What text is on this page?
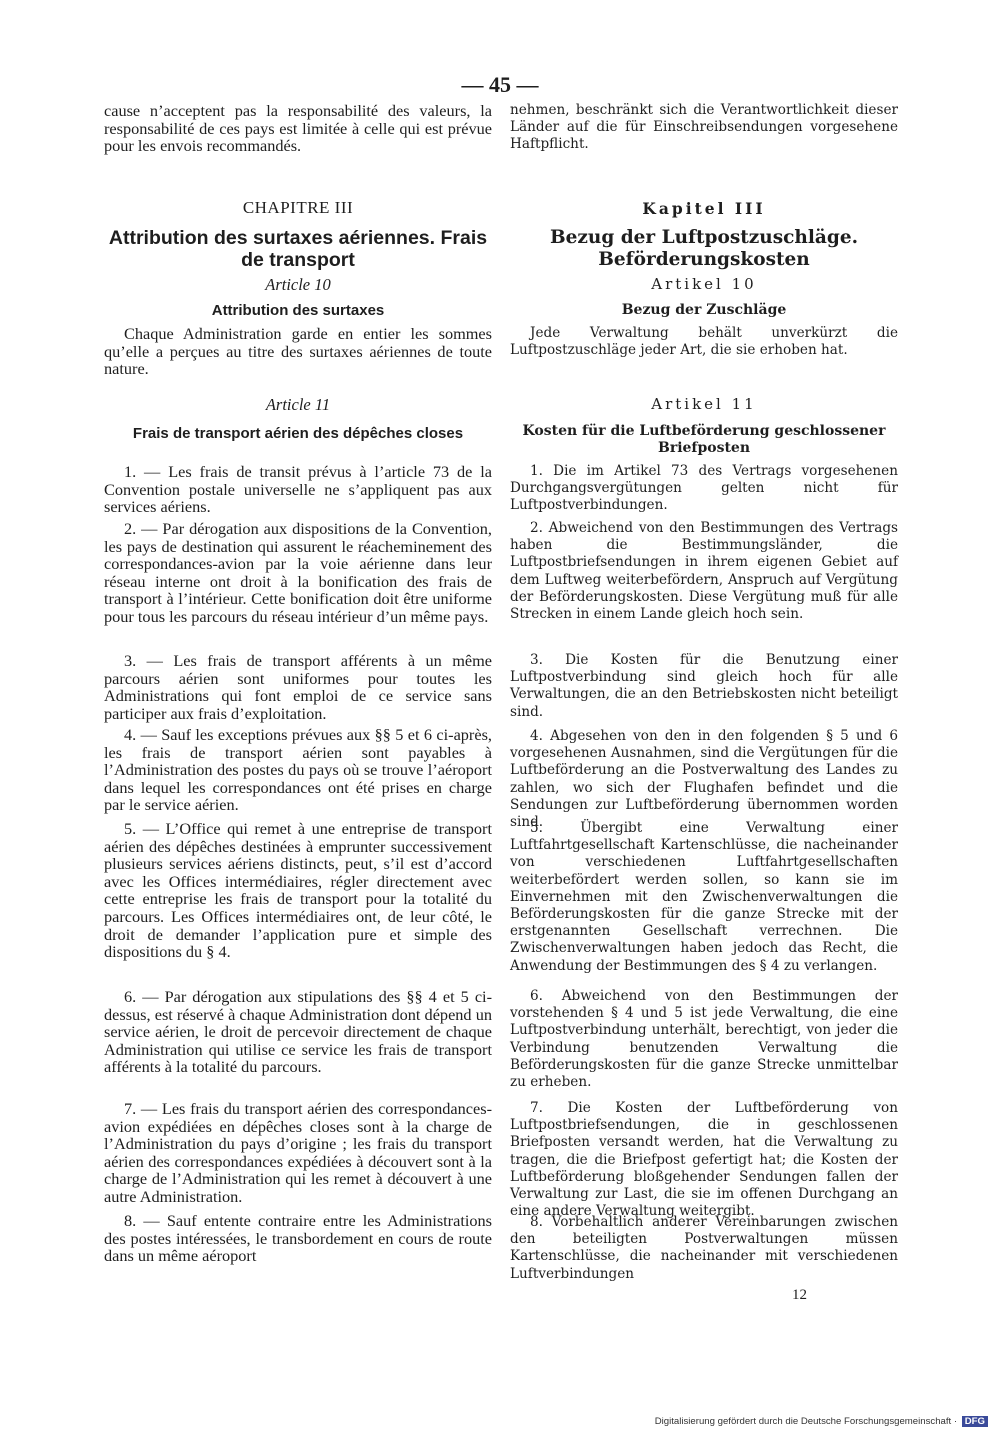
— 45 —

cause n’acceptent pas la responsabilité des valeurs, la responsabilité de ces pays est limitée à celle qui est prévue pour les envois recommandés.

CHAPITRE III

Attribution des surtaxes aériennes. Frais de transport

Article 10

Attribution des surtaxes

Chaque Administration garde en entier les sommes qu’elle a perçues au titre des surtaxes aériennes de toute nature.

Article 11

Frais de transport aérien des dépêches closes

1. — Les frais de transit prévus à l’article 73 de la Convention postale universelle ne s’appliquent pas aux services aériens.

2. — Par dérogation aux dispositions de la Convention, les pays de destination qui assurent le réacheminement des correspondances-avion par la voie aérienne dans leur réseau interne ont droit à la bonification des frais de transport à l’intérieur. Cette bonification doit être uniforme pour tous les parcours du réseau intérieur d’un même pays.

3. — Les frais de transport afférents à un même parcours aérien sont uniformes pour toutes les Administrations qui font emploi de ce service sans participer aux frais d’exploitation.

4. — Sauf les exceptions prévues aux §§ 5 et 6 ci-après, les frais de transport aérien sont payables à l’Administration des postes du pays où se trouve l’aéroport dans lequel les correspondances ont été prises en charge par le service aérien.

5. — L’Office qui remet à une entreprise de transport aérien des dépêches destinées à emprunter successivement plusieurs services aériens distincts, peut, s’il est d’accord avec les Offices intermédiaires, régler directement avec cette entreprise les frais de transport pour la totalité du parcours. Les Offices intermédiaires ont, de leur côté, le droit de demander l’application pure et simple des dispositions du § 4.

6. — Par dérogation aux stipulations des §§ 4 et 5 ci-dessus, est réservé à chaque Administration dont dépend un service aérien, le droit de percevoir directement de chaque Administration qui utilise ce service les frais de transport afférents à la totalité du parcours.

7. — Les frais du transport aérien des correspondances-avion expédiées en dépêches closes sont à la charge de l’Administration du pays d’origine ; les frais du transport aérien des correspondances expédiées à découvert sont à la charge de l’Administration qui les remet à découvert à une autre Administration.

8. — Sauf entente contraire entre les Administrations des postes intéressées, le transbordement en cours de route dans un même aéroport

nehmen, beschränkt sich die Verantwortlichkeit dieser Länder auf die für Einschreibsendungen vorgesehene Haftpflicht.

Kapitel III

Bezug der Luftpostzuschläge. Beförderungskosten

Artikel 10

Bezug der Zuschläge

Jede Verwaltung behält unverkürzt die Luftpostzuschläge jeder Art, die sie erhoben hat.

Artikel 11

Kosten für die Luftbeförderung geschlossener Briefposten

1. Die im Artikel 73 des Vertrags vorgesehenen Durchgangsvergütungen gelten nicht für Luftpostverbindungen.

2. Abweichend von den Bestimmungen des Vertrags haben die Bestimmungsländer, die Luftpostbriefsendungen in ihrem eigenen Gebiet auf dem Luftweg weiterbefördern, Anspruch auf Vergütung der Beförderungskosten. Diese Vergütung muß für alle Strecken in einem Lande gleich hoch sein.

3. Die Kosten für die Benutzung einer Luftpostverbindung sind gleich hoch für alle Verwaltungen, die an den Betriebskosten nicht beteiligt sind.

4. Abgesehen von den in den folgenden § 5 und 6 vorgesehenen Ausnahmen, sind die Vergütungen für die Luftbeförderung an die Postverwaltung des Landes zu zahlen, wo sich der Flughafen befindet und die Sendungen zur Luftbeförderung übernommen worden sind.

5. Übergibt eine Verwaltung einer Luftfahrtgesellschaft Kartenschlüsse, die nacheinander von verschiedenen Luftfahrtgesellschaften weiterbefördert werden sollen, so kann sie im Einvernehmen mit den Zwischenverwaltungen die Beförderungskosten für die ganze Strecke mit der erstgenannten Gesellschaft verrechnen. Die Zwischenverwaltungen haben jedoch das Recht, die Anwendung der Bestimmungen des § 4 zu verlangen.

6. Abweichend von den Bestimmungen der vorstehenden § 4 und 5 ist jede Verwaltung, die eine Luftpostverbindung unterhält, berechtigt, von jeder die Verbindung benutzenden Verwaltung die Beförderungskosten für die ganze Strecke unmittelbar zu erheben.

7. Die Kosten der Luftbeförderung von Luftpostbriefsendungen, die in geschlossenen Briefposten versandt werden, hat die Verwaltung zu tragen, die die Briefpost gefertigt hat; die Kosten der Luftbeförderung bloßgehender Sendungen fallen der Verwaltung zur Last, die sie im offenen Durchgang an eine andere Verwaltung weitergibt.

8. Vorbehaltlich anderer Vereinbarungen zwischen den beteiligten Postverwaltungen müssen Kartenschlüsse, die nacheinander mit verschiedenen Luftverbindungen

12
Digitalisierung gefördert durch die Deutsche Forschungsgemeinschaft · DFG
